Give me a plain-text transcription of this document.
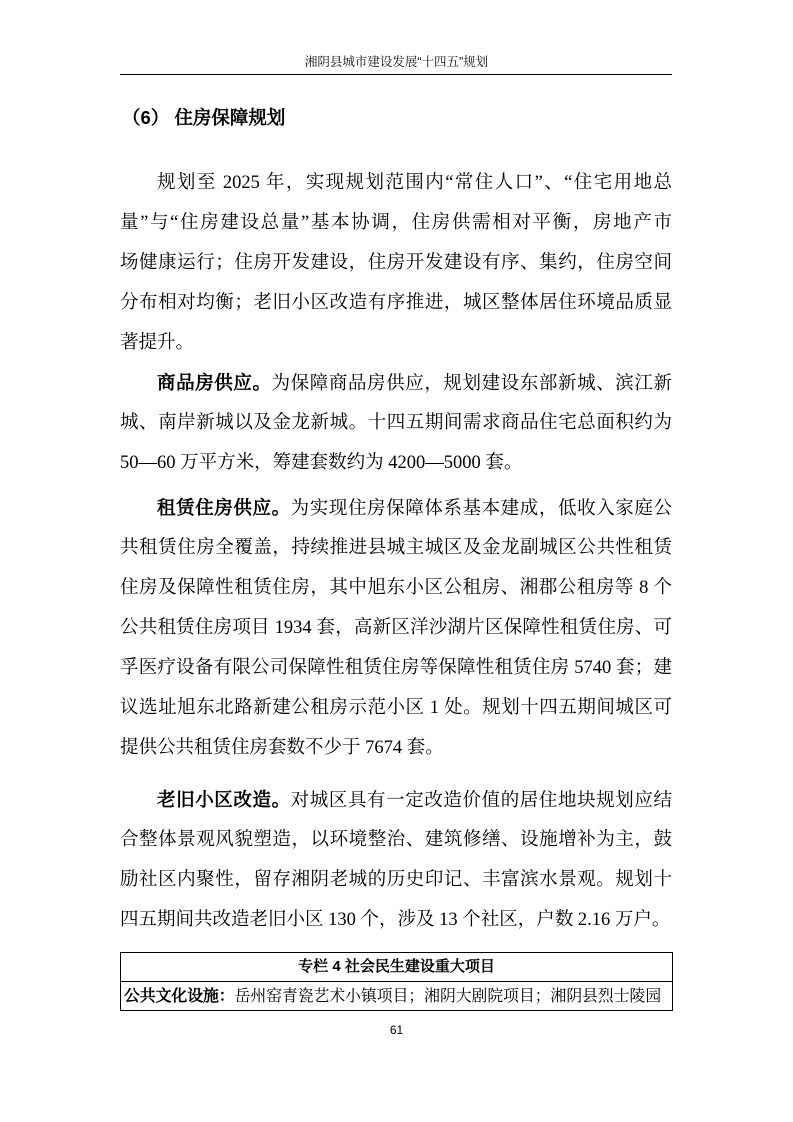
湘阴县城市建设发展“十四五”规划
（6） 住房保障规划
规划至 2025 年，实现规划范围内“常住人口”、“住宅用地总
量”与“住房建设总量”基本协调，住房供需相对平衡，房地产市
场健康运行；住房开发建设，住房开发建设有序、集约，住房空间
分布相对均衡；老旧小区改造有序推进，城区整体居住环境品质显
著提升。
商品房供应。为保障商品房供应，规划建设东部新城、滨江新
城、南岸新城以及金龙新城。十四五期间需求商品住宅总面积约为
50—60 万平方米，筹建套数约为 4200—5000 套。
租赁住房供应。为实现住房保障体系基本建成，低收入家庭公
共租赁住房全覆盖，持续推进县城主城区及金龙副城区公共性租赁
住房及保障性租赁住房，其中旭东小区公租房、湘郡公租房等 8 个
公共租赁住房项目 1934 套，高新区洋沙湖片区保障性租赁住房、可
孚医疗设备有限公司保障性租赁住房等保障性租赁住房 5740 套；建
议选址旭东北路新建公租房示范小区 1 处。规划十四五期间城区可
提供公共租赁住房套数不少于 7674 套。
老旧小区改造。对城区具有一定改造价值的居住地块规划应结
合整体景观风貌塑造，以环境整治、建筑修缮、设施增补为主，鼓
励社区内聚性，留存湘阴老城的历史印记、丰富滨水景观。规划十
四五期间共改造老旧小区 130 个，涉及 13 个社区，户数 2.16 万户。
专栏 4 社会民生建设重大项目
公共文化设施：岳州窑青瓷艺术小镇项目；湘阴大剧院项目；湘阴县烈士陵园
61
